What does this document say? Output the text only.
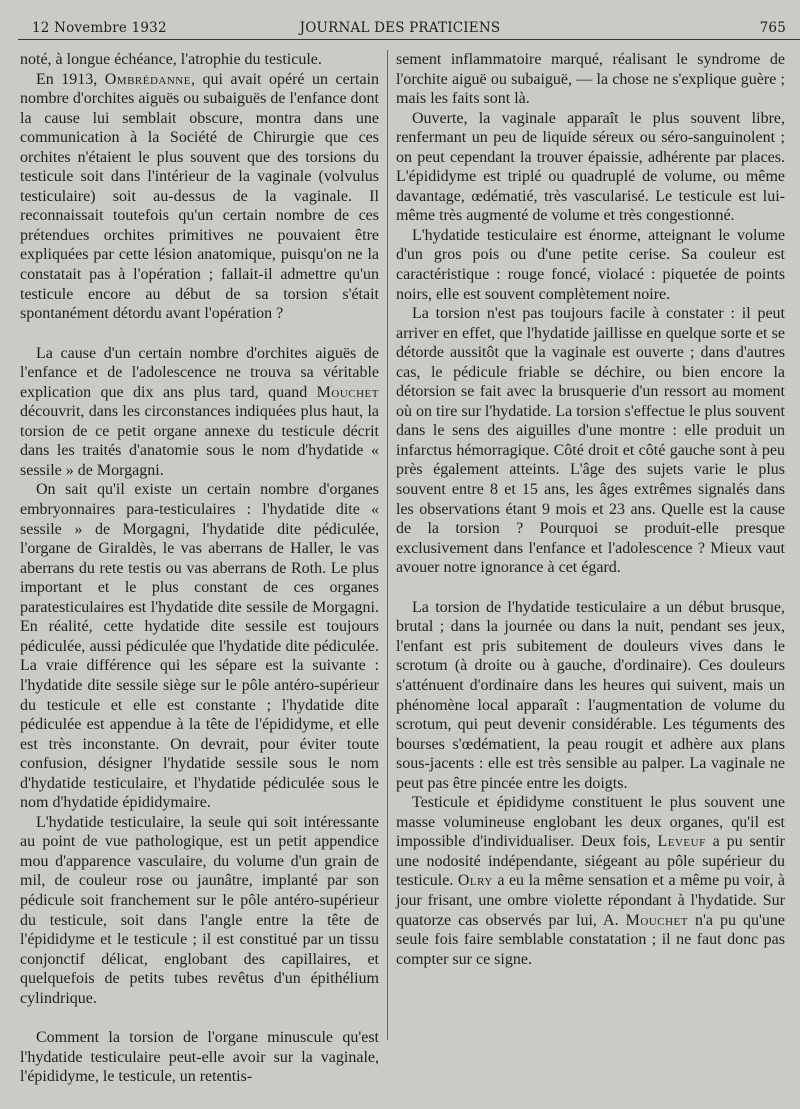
12 Novembre 1932	JOURNAL DES PRATICIENS	765

noté, à longue échéance, l'atrophie du testicule.

En 1913, Ombrédanne, qui avait opéré un certain nombre d'orchites aiguës ou subaiguës de l'enfance dont la cause lui semblait obscure, montra dans une communication à la Société de Chirurgie que ces orchites n'étaient le plus souvent que des torsions du testicule soit dans l'intérieur de la vaginale (volvulus testiculaire) soit au-dessus de la vaginale. Il reconnaissait toutefois qu'un certain nombre de ces prétendues orchites primitives ne pouvaient être expliquées par cette lésion anatomique, puisqu'on ne la constatait pas à l'opération ; fallait-il admettre qu'un testicule encore au début de sa torsion s'était spontanément détordu avant l'opération ?

La cause d'un certain nombre d'orchites aiguës de l'enfance et de l'adolescence ne trouva sa véritable explication que dix ans plus tard, quand Mouchet découvrit, dans les circonstances indiquées plus haut, la torsion de ce petit organe annexe du testicule décrit dans les traités d'anatomie sous le nom d'hydatide « sessile » de Morgagni.

On sait qu'il existe un certain nombre d'organes embryonnaires para-testiculaires : l'hydatide dite « sessile » de Morgagni, l'hydatide dite pédiculée, l'organe de Giraldès, le vas aberrans de Haller, le vas aberrans du rete testis ou vas aberrans de Roth. Le plus important et le plus constant de ces organes paratesticulaires est l'hydatide dite sessile de Morgagni. En réalité, cette hydatide dite sessile est toujours pédiculée, aussi pédiculée que l'hydatide dite pédiculée. La vraie différence qui les sépare est la suivante : l'hydatide dite sessile siège sur le pôle antéro-supérieur du testicule et elle est constante ; l'hydatide dite pédiculée est appendue à la tête de l'épididyme, et elle est très inconstante. On devrait, pour éviter toute confusion, désigner l'hydatide sessile sous le nom d'hydatide testiculaire, et l'hydatide pédiculée sous le nom d'hydatide épididymaire.

L'hydatide testiculaire, la seule qui soit intéressante au point de vue pathologique, est un petit appendice mou d'apparence vasculaire, du volume d'un grain de mil, de couleur rose ou jaunâtre, implanté par son pédicule soit franchement sur le pôle antéro-supérieur du testicule, soit dans l'angle entre la tête de l'épididyme et le testicule ; il est constitué par un tissu conjonctif délicat, englobant des capillaires, et quelquefois de petits tubes revêtus d'un épithélium cylindrique.

Comment la torsion de l'organe minuscule qu'est l'hydatide testiculaire peut-elle avoir sur la vaginale, l'épididyme, le testicule, un retentis-

sement inflammatoire marqué, réalisant le syndrome de l'orchite aiguë ou subaiguë, — la chose ne s'explique guère ; mais les faits sont là.

Ouverte, la vaginale apparaît le plus souvent libre, renfermant un peu de liquide séreux ou séro-sanguinolent ; on peut cependant la trouver épaissie, adhérente par places. L'épididyme est triplé ou quadruplé de volume, ou même davantage, œdématié, très vascularisé. Le testicule est lui-même très augmenté de volume et très congestionné.

L'hydatide testiculaire est énorme, atteignant le volume d'un gros pois ou d'une petite cerise. Sa couleur est caractéristique : rouge foncé, violacé : piquetée de points noirs, elle est souvent complètement noire.

La torsion n'est pas toujours facile à constater : il peut arriver en effet, que l'hydatide jaillisse en quelque sorte et se détorde aussitôt que la vaginale est ouverte ; dans d'autres cas, le pédicule friable se déchire, ou bien encore la détorsion se fait avec la brusquerie d'un ressort au moment où on tire sur l'hydatide. La torsion s'effectue le plus souvent dans le sens des aiguilles d'une montre : elle produit un infarctus hémorragique. Côté droit et côté gauche sont à peu près également atteints. L'âge des sujets varie le plus souvent entre 8 et 15 ans, les âges extrêmes signalés dans les observations étant 9 mois et 23 ans. Quelle est la cause de la torsion ? Pourquoi se produit-elle presque exclusivement dans l'enfance et l'adolescence ? Mieux vaut avouer notre ignorance à cet égard.

La torsion de l'hydatide testiculaire a un début brusque, brutal ; dans la journée ou dans la nuit, pendant ses jeux, l'enfant est pris subitement de douleurs vives dans le scrotum (à droite ou à gauche, d'ordinaire). Ces douleurs s'atténuent d'ordinaire dans les heures qui suivent, mais un phénomène local apparaît : l'augmentation de volume du scrotum, qui peut devenir considérable. Les téguments des bourses s'œdématient, la peau rougit et adhère aux plans sous-jacents : elle est très sensible au palper. La vaginale ne peut pas être pincée entre les doigts.

Testicule et épididyme constituent le plus souvent une masse volumineuse englobant les deux organes, qu'il est impossible d'individualiser. Deux fois, Leveuf a pu sentir une nodosité indépendante, siégeant au pôle supérieur du testicule. Olry a eu la même sensation et a même pu voir, à jour frisant, une ombre violette répondant à l'hydatide. Sur quatorze cas observés par lui, A. Mouchet n'a pu qu'une seule fois faire semblable constatation ; il ne faut donc pas compter sur ce signe.
